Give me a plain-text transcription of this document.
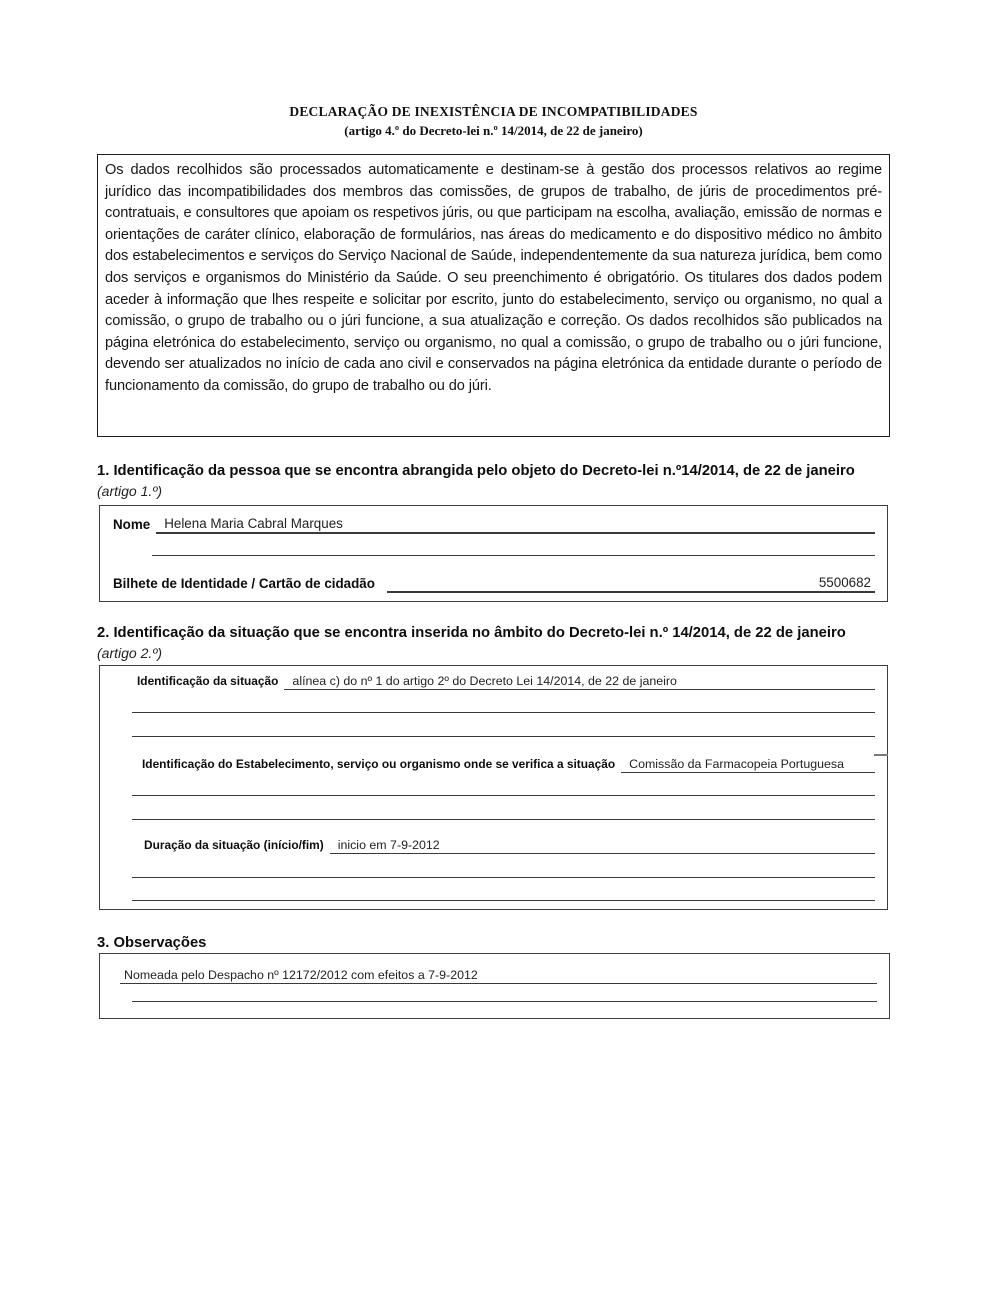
DECLARAÇÃO DE INEXISTÊNCIA DE INCOMPATIBILIDADES
(artigo 4.º do Decreto-lei n.º 14/2014, de 22 de janeiro)

Os dados recolhidos são processados automaticamente e destinam-se à gestão dos processos relativos ao regime jurídico das incompatibilidades dos membros das comissões, de grupos de trabalho, de júris de procedimentos pré-contratuais, e consultores que apoiam os respetivos júris, ou que participam na escolha, avaliação, emissão de normas e orientações de caráter clínico, elaboração de formulários, nas áreas do medicamento e do dispositivo médico no âmbito dos estabelecimentos e serviços do Serviço Nacional de Saúde, independentemente da sua natureza jurídica, bem como dos serviços e organismos do Ministério da Saúde. O seu preenchimento é obrigatório. Os titulares dos dados podem aceder à informação que lhes respeite e solicitar por escrito, junto do estabelecimento, serviço ou organismo, no qual a comissão, o grupo de trabalho ou o júri funcione, a sua atualização e correção. Os dados recolhidos são publicados na página eletrónica do estabelecimento, serviço ou organismo, no qual a comissão, o grupo de trabalho ou o júri funcione, devendo ser atualizados no início de cada ano civil e conservados na página eletrónica da entidade durante o período de funcionamento da comissão, do grupo de trabalho ou do júri.

1. Identificação da pessoa que se encontra abrangida pelo objeto do Decreto-lei n.º14/2014, de 22 de janeiro
(artigo 1.º)
Nome	Helena Maria Cabral Marques
Bilhete de Identidade / Cartão de cidadão	5500682
2. Identificação da situação que se encontra inserida no âmbito do Decreto-lei n.º 14/2014, de 22 de janeiro
(artigo 2.º)
Identificação da situação	alínea c) do nº 1 do artigo 2º do Decreto Lei 14/2014, de 22 de janeiro
Identificação do Estabelecimento, serviço ou organismo onde se verifica a situação	Comissão da Farmacopeia Portuguesa
Duração da situação (início/fim)	inicio em 7-9-2012
3. Observações
Nomeada pelo Despacho nº 12172/2012 com efeitos a 7-9-2012
